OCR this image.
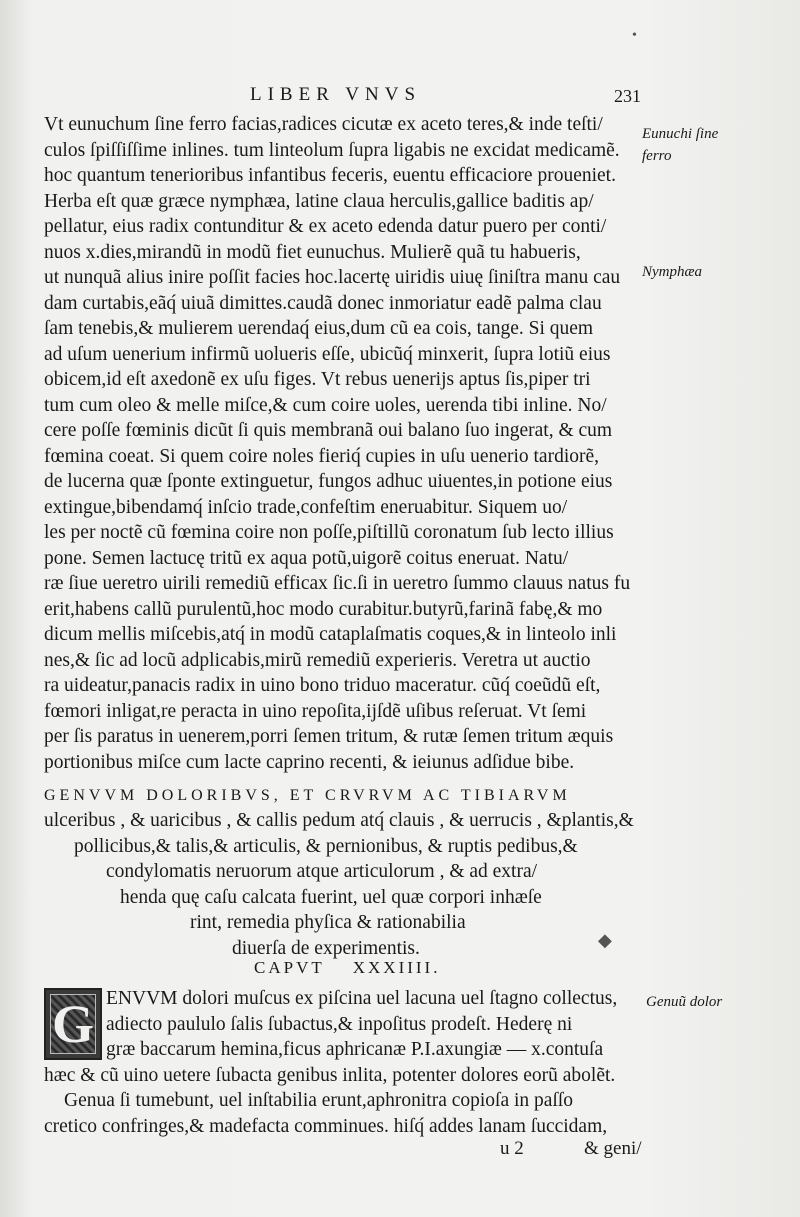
LIBER VNVS	231
Vt eunuchum ſine ferro facias,radices cicutæ ex aceto teres,& inde teſti/
culos ſpiſſiſſime inlines. tum linteolum ſupra ligabis ne excidat medicamẽ.
hoc quantum tenerioribus infantibus feceris, euentu efficaciore proueniet.
Herba eſt quæ græce nymphæa, latine claua herculis,gallice baditis ap/
pellatur, eius radix contunditur & ex aceto edenda datur puero per conti/
nuos x.dies,mirandũ in modũ fiet eunuchus. Mulierẽ quã tu habueris,
ut nunquã alius inire poſſit facies hoc.lacertę uiridis uiuę ſiniſtra manu cau
dam curtabis,eãq́ uiuã dimittes.caudã donec inmoriatur eadẽ palma clau
ſam tenebis,& mulierem uerendaq́ eius,dum cũ ea cois, tange. Si quem
ad uſum uenerium infirmũ uolueris eſſe, ubicũq́ minxerit, ſupra lotiũ eius
obicem,id eſt axedonẽ ex uſu figes. Vt rebus uenerijs aptus ſis,piper tri
tum cum oleo & melle miſce,& cum coire uoles, uerenda tibi inline. No/
cere poſſe fœminis dicũt ſi quis membranã oui balano ſuo ingerat, & cum
fœmina coeat. Si quem coire noles fieriq́ cupies in uſu uenerio tardiorẽ,
de lucerna quæ ſponte extinguetur, fungos adhuc uiuentes,in potione eius
extingue,bibendamq́ inſcio trade,confeſtim eneruabitur. Siquem uo/
les per noctẽ cũ fœmina coire non poſſe,piſtillũ coronatum ſub lecto illius
pone. Semen lactucę tritũ ex aqua potũ,uigorẽ coitus eneruat. Natu/
ræ ſiue ueretro uirili remediũ efficax ſic.ſi in ueretro ſummo clauus natus fu
erit,habens callũ purulentũ,hoc modo curabitur.butyrũ,farinã fabę,& mo
dicum mellis miſcebis,atq́ in modũ cataplaſmatis coques,& in linteolo inli
nes,& ſic ad locũ adplicabis,mirũ remediũ experieris. Veretra ut auctio
ra uideatur,panacis radix in uino bono triduo maceratur. cũq́ coeũdũ eſt,
fœmori inligat,re peracta in uino repoſita,ijſdẽ uſibus reſeruat. Vt ſemi
per ſis paratus in uenerem,porri ſemen tritum, & rutæ ſemen tritum æquis
portionibus miſce cum lacte caprino recenti, & ieiunus adſidue bibe.
Eunuchi ſine
ferro
Nymphæa
Genuũ dolor
GENVVM DOLORIBVS, ET CRVRVM AC TIBIARVM
ulceribus , & uaricibus , & callis pedum atq́ clauis , & uerrucis , &plantis,&
pollicibus,& talis,& articulis, & pernionibus, & ruptis pedibus,&
condylomatis neruorum atque articulorum , & ad extra/
henda quę caſu calcata fuerint, uel quæ corpori inhæſe
rint, remedia phyſica & rationabilia
diuerſa de experimentis.
CAPVT XXXIIII.
G ENVVM dolori muſcus ex piſcina uel lacuna uel ſtagno collectus,
adiecto paululo ſalis ſubactus,& inpoſitus prodeſt. Hederę ni
græ baccarum hemina,ficus aphricanæ P.I.axungiæ — x.contuſa
hæc & cũ uino uetere ſubacta genibus inlita, potenter dolores eorũ abolẽt.
Genua ſi tumebunt, uel inſtabilia erunt,aphronitra copioſa in paſſo
cretico confringes,& madefacta comminues. hiſq́ addes lanam ſuccidam,
u 2	& geni/
•
◆
